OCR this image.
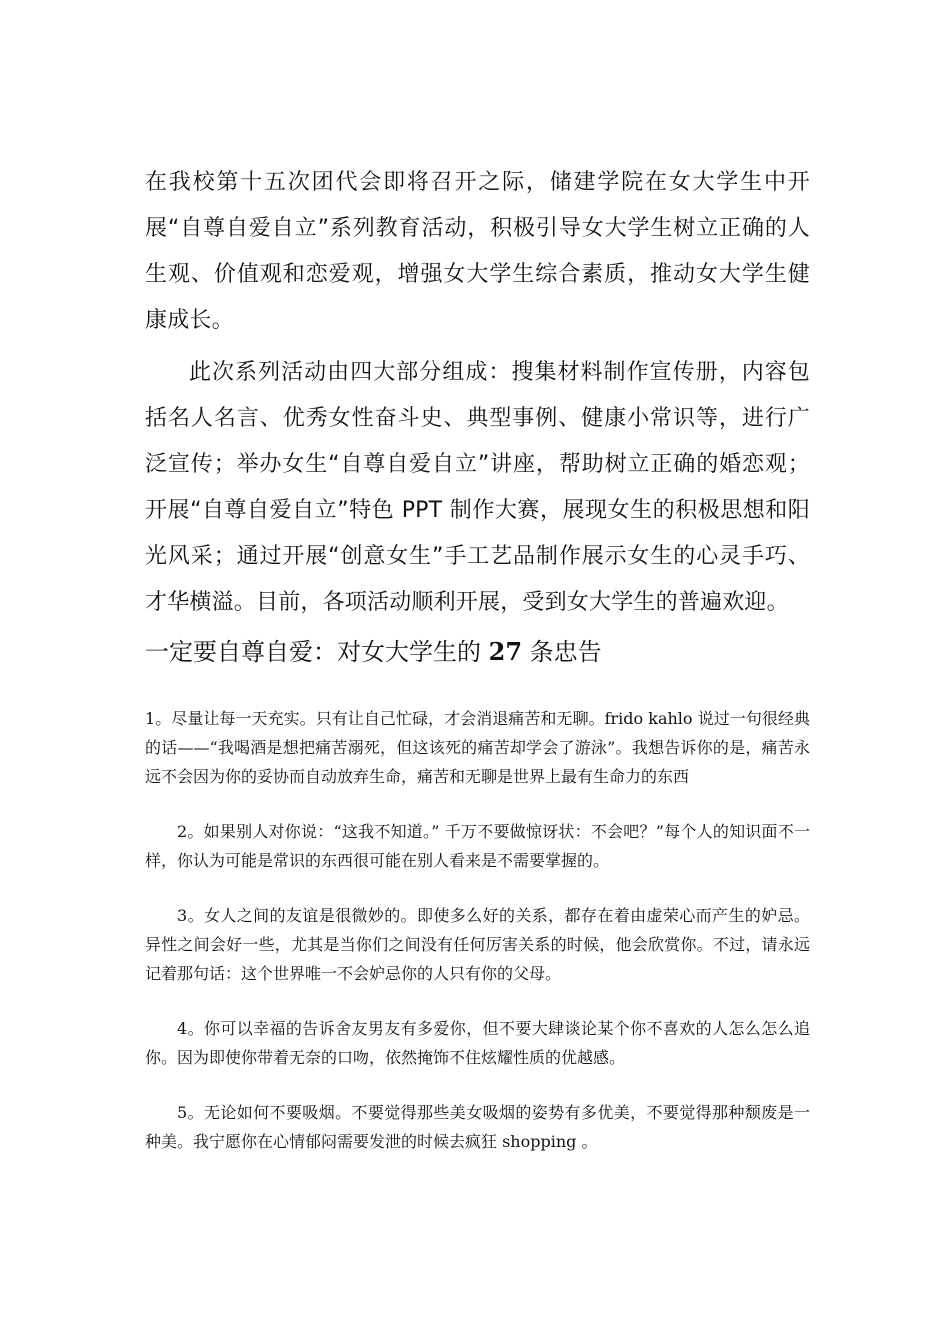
在我校第十五次团代会即将召开之际，储建学院在女大学生中开展“自尊自爱自立”系列教育活动，积极引导女大学生树立正确的人生观、价值观和恋爱观，增强女大学生综合素质，推动女大学生健康成长。

此次系列活动由四大部分组成：搜集材料制作宣传册，内容包括名人名言、优秀女性奋斗史、典型事例、健康小常识等，进行广泛宣传；举办女生“自尊自爱自立”讲座，帮助树立正确的婚恋观；开展“自尊自爱自立”特色 PPT 制作大赛，展现女生的积极思想和阳光风采；通过开展“创意女生”手工艺品制作展示女生的心灵手巧、才华横溢。目前，各项活动顺利开展，受到女大学生的普遍欢迎。

一定要自尊自爱：对女大学生的 27 条忠告

1。尽量让每一天充实。只有让自己忙碌，才会消退痛苦和无聊。frido kahlo 说过一句很经典的话——“我喝酒是想把痛苦溺死，但这该死的痛苦却学会了游泳”。我想告诉你的是，痛苦永远不会因为你的妥协而自动放弃生命，痛苦和无聊是世界上最有生命力的东西

2。如果别人对你说：“这我不知道。” 千万不要做惊讶状：不会吧？”每个人的知识面不一样，你认为可能是常识的东西很可能在别人看来是不需要掌握的。

3。女人之间的友谊是很微妙的。即使多么好的关系，都存在着由虚荣心而产生的妒忌。异性之间会好一些，尤其是当你们之间没有任何厉害关系的时候，他会欣赏你。不过，请永远记着那句话：这个世界唯一不会妒忌你的人只有你的父母。

4。你可以幸福的告诉舍友男友有多爱你，但不要大肆谈论某个你不喜欢的人怎么怎么追你。因为即使你带着无奈的口吻，依然掩饰不住炫耀性质的优越感。

5。无论如何不要吸烟。不要觉得那些美女吸烟的姿势有多优美，不要觉得那种颓废是一种美。我宁愿你在心情郁闷需要发泄的时候去疯狂 shopping 。
